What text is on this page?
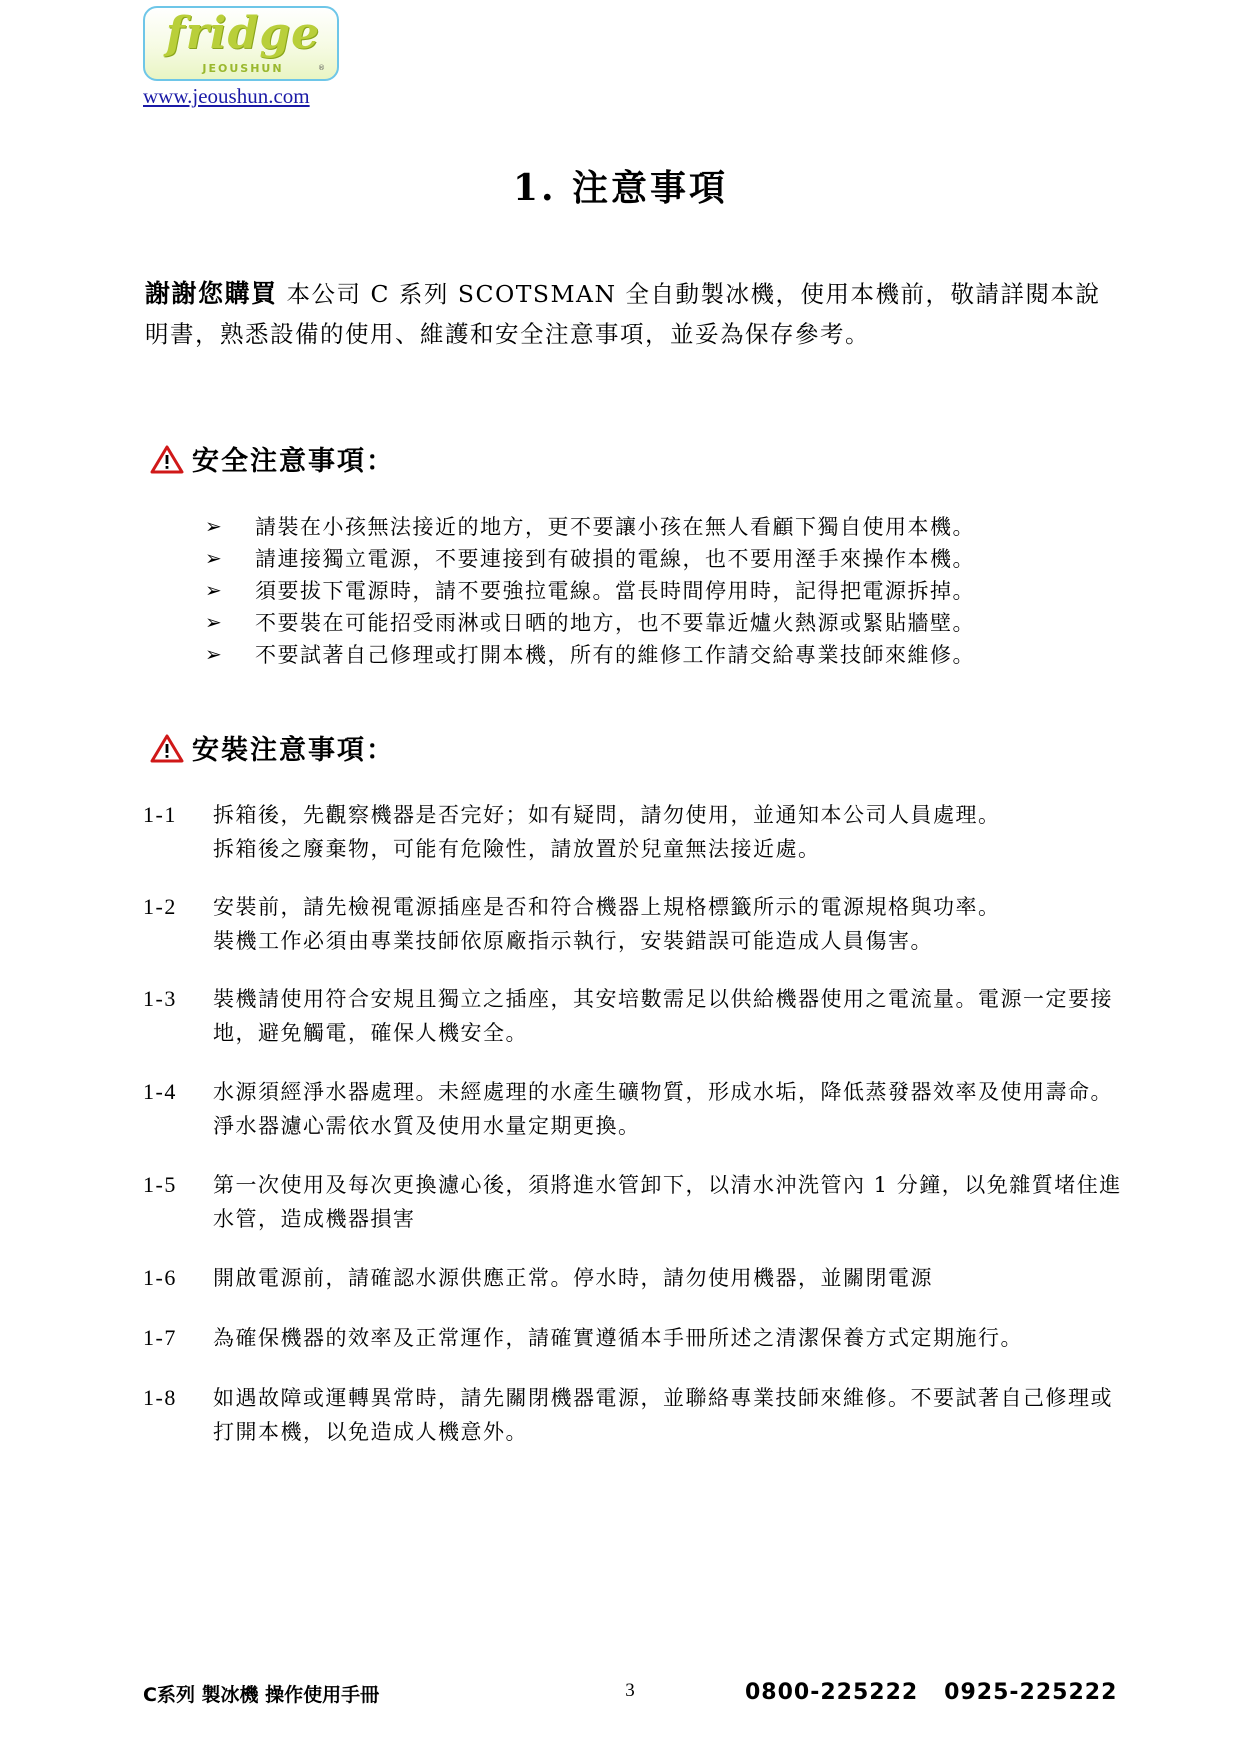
fridge
JEOUSHUN	®
www.jeoushun.com
1. 注意事項
謝謝您購買 本公司 C 系列 SCOTSMAN 全自動製冰機，使用本機前，敬請詳閱本說明書，熟悉設備的使用、維護和安全注意事項，並妥為保存參考。
安全注意事項：
➢	請裝在小孩無法接近的地方，更不要讓小孩在無人看顧下獨自使用本機。
➢	請連接獨立電源，不要連接到有破損的電線，也不要用溼手來操作本機。
➢	須要拔下電源時，請不要強拉電線。當長時間停用時，記得把電源拆掉。
➢	不要裝在可能招受雨淋或日晒的地方，也不要靠近爐火熱源或緊貼牆壁。
➢	不要試著自己修理或打開本機，所有的維修工作請交給專業技師來維修。
安裝注意事項：
1-1	拆箱後，先觀察機器是否完好；如有疑問，請勿使用，並通知本公司人員處理。
拆箱後之廢棄物，可能有危險性，請放置於兒童無法接近處。
1-2	安裝前，請先檢視電源插座是否和符合機器上規格標籤所示的電源規格與功率。
裝機工作必須由專業技師依原廠指示執行，安裝錯誤可能造成人員傷害。
1-3	裝機請使用符合安規且獨立之插座，其安培數需足以供給機器使用之電流量。電源一定要接地，避免觸電，確保人機安全。
1-4	水源須經淨水器處理。未經處理的水產生礦物質，形成水垢，降低蒸發器效率及使用壽命。淨水器濾心需依水質及使用水量定期更換。
1-5	第一次使用及每次更換濾心後，須將進水管卸下，以清水沖洗管內 1 分鐘，以免雜質堵住進水管，造成機器損害
1-6	開啟電源前，請確認水源供應正常。停水時，請勿使用機器，並關閉電源
1-7	為確保機器的效率及正常運作，請確實遵循本手冊所述之清潔保養方式定期施行。
1-8	如遇故障或運轉異常時，請先關閉機器電源，並聯絡專業技師來維修。不要試著自己修理或打開本機，以免造成人機意外。
C系列 製冰機 操作使用手冊	3	0800-225222   0925-225222
